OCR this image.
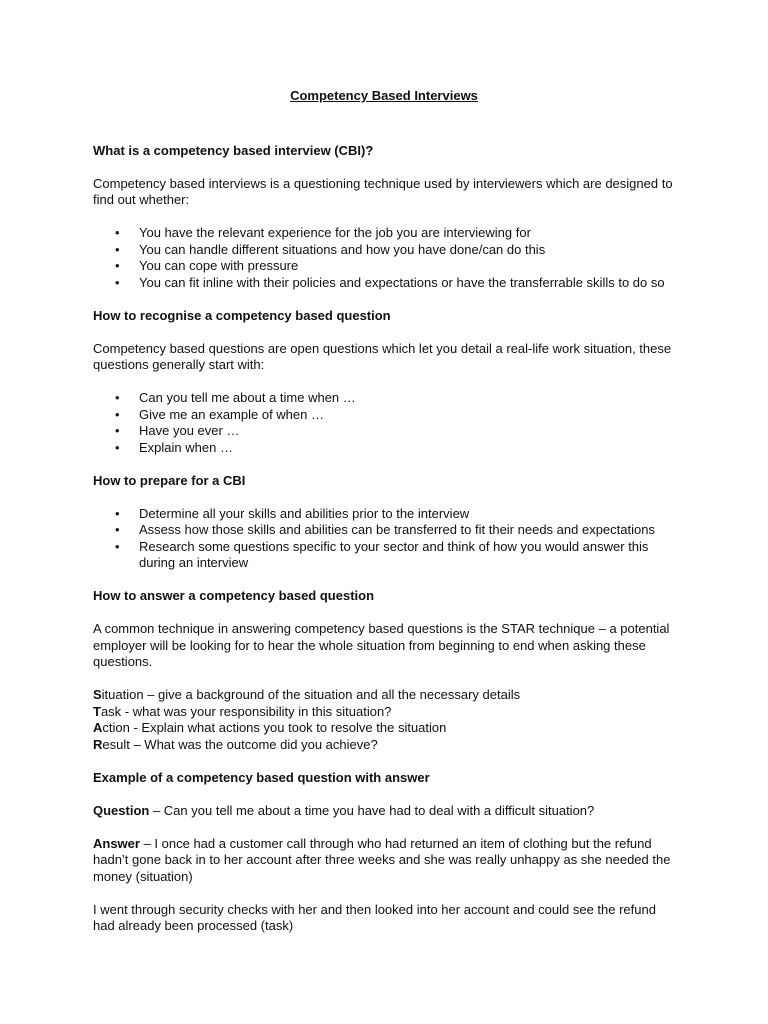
Competency Based Interviews

What is a competency based interview (CBI)?

Competency based interviews is a questioning technique used by interviewers which are designed to find out whether:

• You have the relevant experience for the job you are interviewing for
• You can handle different situations and how you have done/can do this
• You can cope with pressure
• You can fit inline with their policies and expectations or have the transferrable skills to do so

How to recognise a competency based question

Competency based questions are open questions which let you detail a real-life work situation, these questions generally start with:

• Can you tell me about a time when …
• Give me an example of when …
• Have you ever …
• Explain when …

How to prepare for a CBI

• Determine all your skills and abilities prior to the interview
• Assess how those skills and abilities can be transferred to fit their needs and expectations
• Research some questions specific to your sector and think of how you would answer this during an interview

How to answer a competency based question

A common technique in answering competency based questions is the STAR technique – a potential employer will be looking for to hear the whole situation from beginning to end when asking these questions.

Situation – give a background of the situation and all the necessary details

Task - what was your responsibility in this situation?

Action - Explain what actions you took to resolve the situation

Result – What was the outcome did you achieve?

Example of a competency based question with answer

Question – Can you tell me about a time you have had to deal with a difficult situation?

Answer – I once had a customer call through who had returned an item of clothing but the refund hadn’t gone back in to her account after three weeks and she was really unhappy as she needed the money (situation)

I went through security checks with her and then looked into her account and could see the refund had already been processed (task)
